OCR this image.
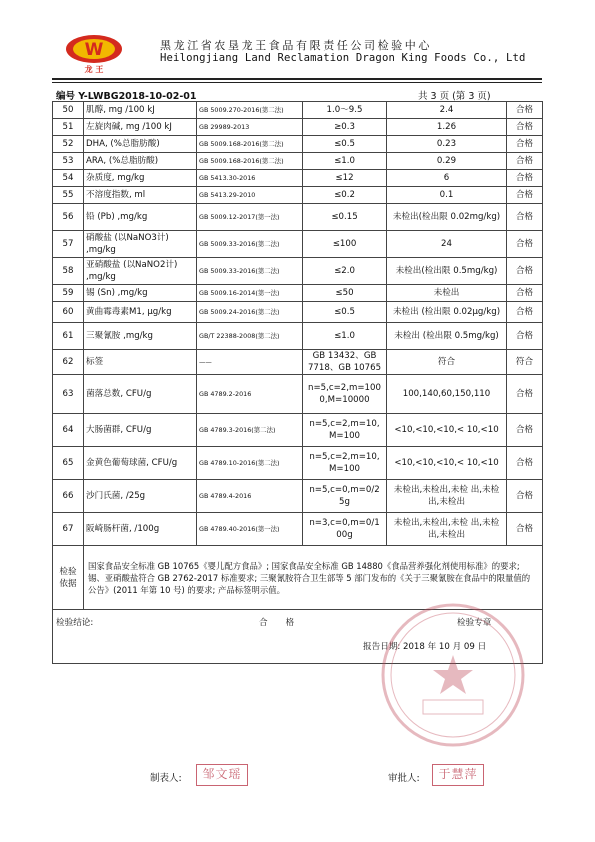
W
龙 王
黑龙江省农垦龙王食品有限责任公司检验中心
Heilongjiang Land Reclamation Dragon King Foods Co., Ltd
编号 Y-LWBG2018-10-02-01	共 3 页 (第 3 页)
50	肌醇, mg /100 kJ	GB 5009.270-2016(第二法)	1.0～9.5	2.4	合格
51	左旋肉碱, mg /100 kJ	GB 29989-2013	≥0.3	1.26	合格
52	DHA, (%总脂肪酸)	GB 5009.168-2016(第二法)	≤0.5	0.23	合格
53	ARA, (%总脂肪酸)	GB 5009.168-2016(第二法)	≤1.0	0.29	合格
54	杂质度, mg/kg	GB 5413.30-2016	≤12	6	合格
55	不溶度指数, ml	GB 5413.29-2010	≤0.2	0.1	合格
56	铅 (Pb) ,mg/kg	GB 5009.12-2017(第一法)	≤0.15	未检出(检出限 0.02mg/kg)	合格
57	硝酸盐 (以NaNO3计) ,mg/kg	GB 5009.33-2016(第二法)	≤100	24	合格
58	亚硝酸盐 (以NaNO2计) ,mg/kg	GB 5009.33-2016(第二法)	≤2.0	未检出(检出限 0.5mg/kg)	合格
59	锡 (Sn) ,mg/kg	GB 5009.16-2014(第一法)	≤50	未检出	合格
60	黄曲霉毒素M1, μg/kg	GB 5009.24-2016(第二法)	≤0.5	未检出 (检出限 0.02μg/kg)	合格
61	三聚氰胺 ,mg/kg	GB/T 22388-2008(第二法)	≤1.0	未检出 (检出限 0.5mg/kg)	合格
62	标签	——	GB 13432、GB 7718、GB 10765	符合	符合
63	菌落总数, CFU/g	GB 4789.2-2016	n=5,c=2,m=100 0,M=10000	100,140,60,150,110	合格
64	大肠菌群, CFU/g	GB 4789.3-2016(第二法)	n=5,c=2,m=10, M=100	<10,<10,<10,< 10,<10	合格
65	金黄色葡萄球菌, CFU/g	GB 4789.10-2016(第二法)	n=5,c=2,m=10, M=100	<10,<10,<10,< 10,<10	合格
66	沙门氏菌, /25g	GB 4789.4-2016	n=5,c=0,m=0/2 5g	未检出,未检出,未检 出,未检出,未检出	合格
67	阪崎肠杆菌, /100g	GB 4789.40-2016(第一法)	n=3,c=0,m=0/1 00g	未检出,未检出,未检 出,未检出,未检出	合格
检验
依据	国家食品安全标准 GB 10765《婴儿配方食品》; 国家食品安全标准 GB 14880《食品营养强化剂使用标准》的要求; 锡、亚硝酸盐符合 GB 2762-2017 标准要求; 三聚氰胺符合卫生部等 5 部门发布的《关于三聚氰胺在食品中的限量值的公告》(2011 年第 10 号) 的要求; 产品标签明示值。				

检验结论: 合格 检验专章
报告日期: 2018 年 10 月 09 日					
制表人:	邹文瑶	审批人:	于慧萍
